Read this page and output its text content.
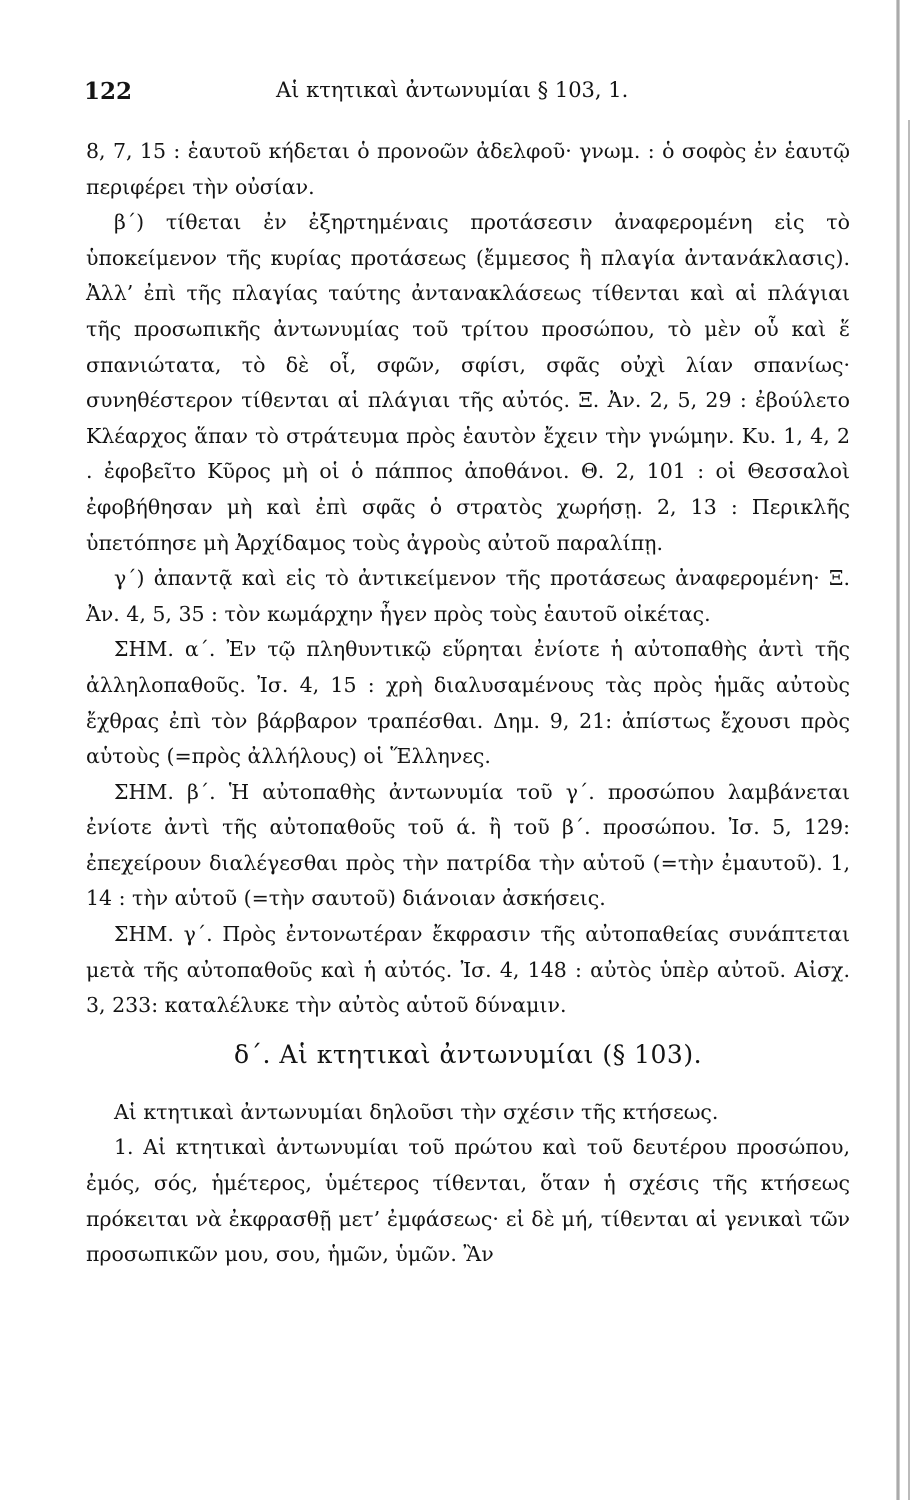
122	Αἱ κτητικαὶ ἀντωνυμίαι § 103, 1.

8, 7, 15 : ἑαυτοῦ κήδεται ὁ προνοῶν ἀδελφοῦ· γνωμ. : ὁ σοφὸς ἐν ἑαυτῷ περιφέρει τὴν οὐσίαν.

β΄) τίθεται ἐν ἐξηρτημέναις προτάσεσιν ἀναφερομένη εἰς τὸ ὑποκείμενον τῆς κυρίας προτάσεως (ἔμμεσος ἢ πλαγία ἀντανάκλασις). Ἀλλ’ ἐπὶ τῆς πλαγίας ταύτης ἀντανακλάσεως τίθενται καὶ αἱ πλάγιαι τῆς προσωπικῆς ἀντωνυμίας τοῦ τρίτου προσώπου, τὸ μὲν οὗ καὶ ἕ σπανιώτατα, τὸ δὲ οἷ, σφῶν, σφίσι, σφᾶς οὐχὶ λίαν σπανίως· συνηθέστερον τίθενται αἱ πλάγιαι τῆς αὐτός. Ξ. Ἀν. 2, 5, 29 : ἐβούλετο Κλέαρχος ἅπαν τὸ στράτευμα πρὸς ἑαυτὸν ἔχειν τὴν γνώμην. Κυ. 1, 4, 2 . ἐφοβεῖτο Κῦρος μὴ οἱ ὁ πάππος ἀποθάνοι. Θ. 2, 101 : οἱ Θεσσαλοὶ ἐφοβήθησαν μὴ καὶ ἐπὶ σφᾶς ὁ στρατὸς χωρήσῃ. 2, 13 : Περικλῆς ὑπετόπησε μὴ Ἀρχίδαμος τοὺς ἀγροὺς αὐτοῦ παραλίπῃ.

γ΄) ἀπαντᾷ καὶ εἰς τὸ ἀντικείμενον τῆς προτάσεως ἀναφερομένη· Ξ. Ἀν. 4, 5, 35 : τὸν κωμάρχην ἦγεν πρὸς τοὺς ἑαυτοῦ οἰκέτας.

ΣΗΜ. α΄. Ἐν τῷ πληθυντικῷ εὕρηται ἐνίοτε ἡ αὐτοπαθὴς ἀντὶ τῆς ἀλληλοπαθοῦς. Ἰσ. 4, 15 : χρὴ διαλυσαμένους τὰς πρὸς ἡμᾶς αὐτοὺς ἔχθρας ἐπὶ τὸν βάρβαρον τραπέσθαι. Δημ. 9, 21: ἀπίστως ἔχουσι πρὸς αὑτοὺς (=πρὸς ἀλλήλους) οἱ Ἕλληνες.

ΣΗΜ. β΄. Ἡ αὐτοπαθὴς ἀντωνυμία τοῦ γ΄. προσώπου λαμβάνεται ἐνίοτε ἀντὶ τῆς αὐτοπαθοῦς τοῦ ά. ἢ τοῦ β΄. προσώπου. Ἰσ. 5, 129: ἐπεχείρουν διαλέγεσθαι πρὸς τὴν πατρίδα τὴν αὑτοῦ (=τὴν ἐμαυτοῦ). 1, 14 : τὴν αὑτοῦ (=τὴν σαυτοῦ) διάνοιαν ἀσκήσεις.

ΣΗΜ. γ΄. Πρὸς ἐντονωτέραν ἔκφρασιν τῆς αὐτοπαθείας συνάπτεται μετὰ τῆς αὐτοπαθοῦς καὶ ἡ αὐτός. Ἰσ. 4, 148 : αὐτὸς ὑπὲρ αὐτοῦ. Αἰσχ. 3, 233: καταλέλυκε τὴν αὐτὸς αὑτοῦ δύναμιν.

δ΄. Αἱ κτητικαὶ ἀντωνυμίαι (§ 103).

Αἱ κτητικαὶ ἀντωνυμίαι δηλοῦσι τὴν σχέσιν τῆς κτήσεως.

1. Αἱ κτητικαὶ ἀντωνυμίαι τοῦ πρώτου καὶ τοῦ δευτέρου προσώπου, ἐμός, σός, ἡμέτερος, ὑμέτερος τίθενται, ὅταν ἡ σχέσις τῆς κτήσεως πρόκειται νὰ ἐκφρασθῇ μετ’ ἐμφάσεως· εἰ δὲ μή, τίθενται αἱ γενικαὶ τῶν προσωπικῶν μου, σου, ἡμῶν, ὑμῶν. Ἂν
